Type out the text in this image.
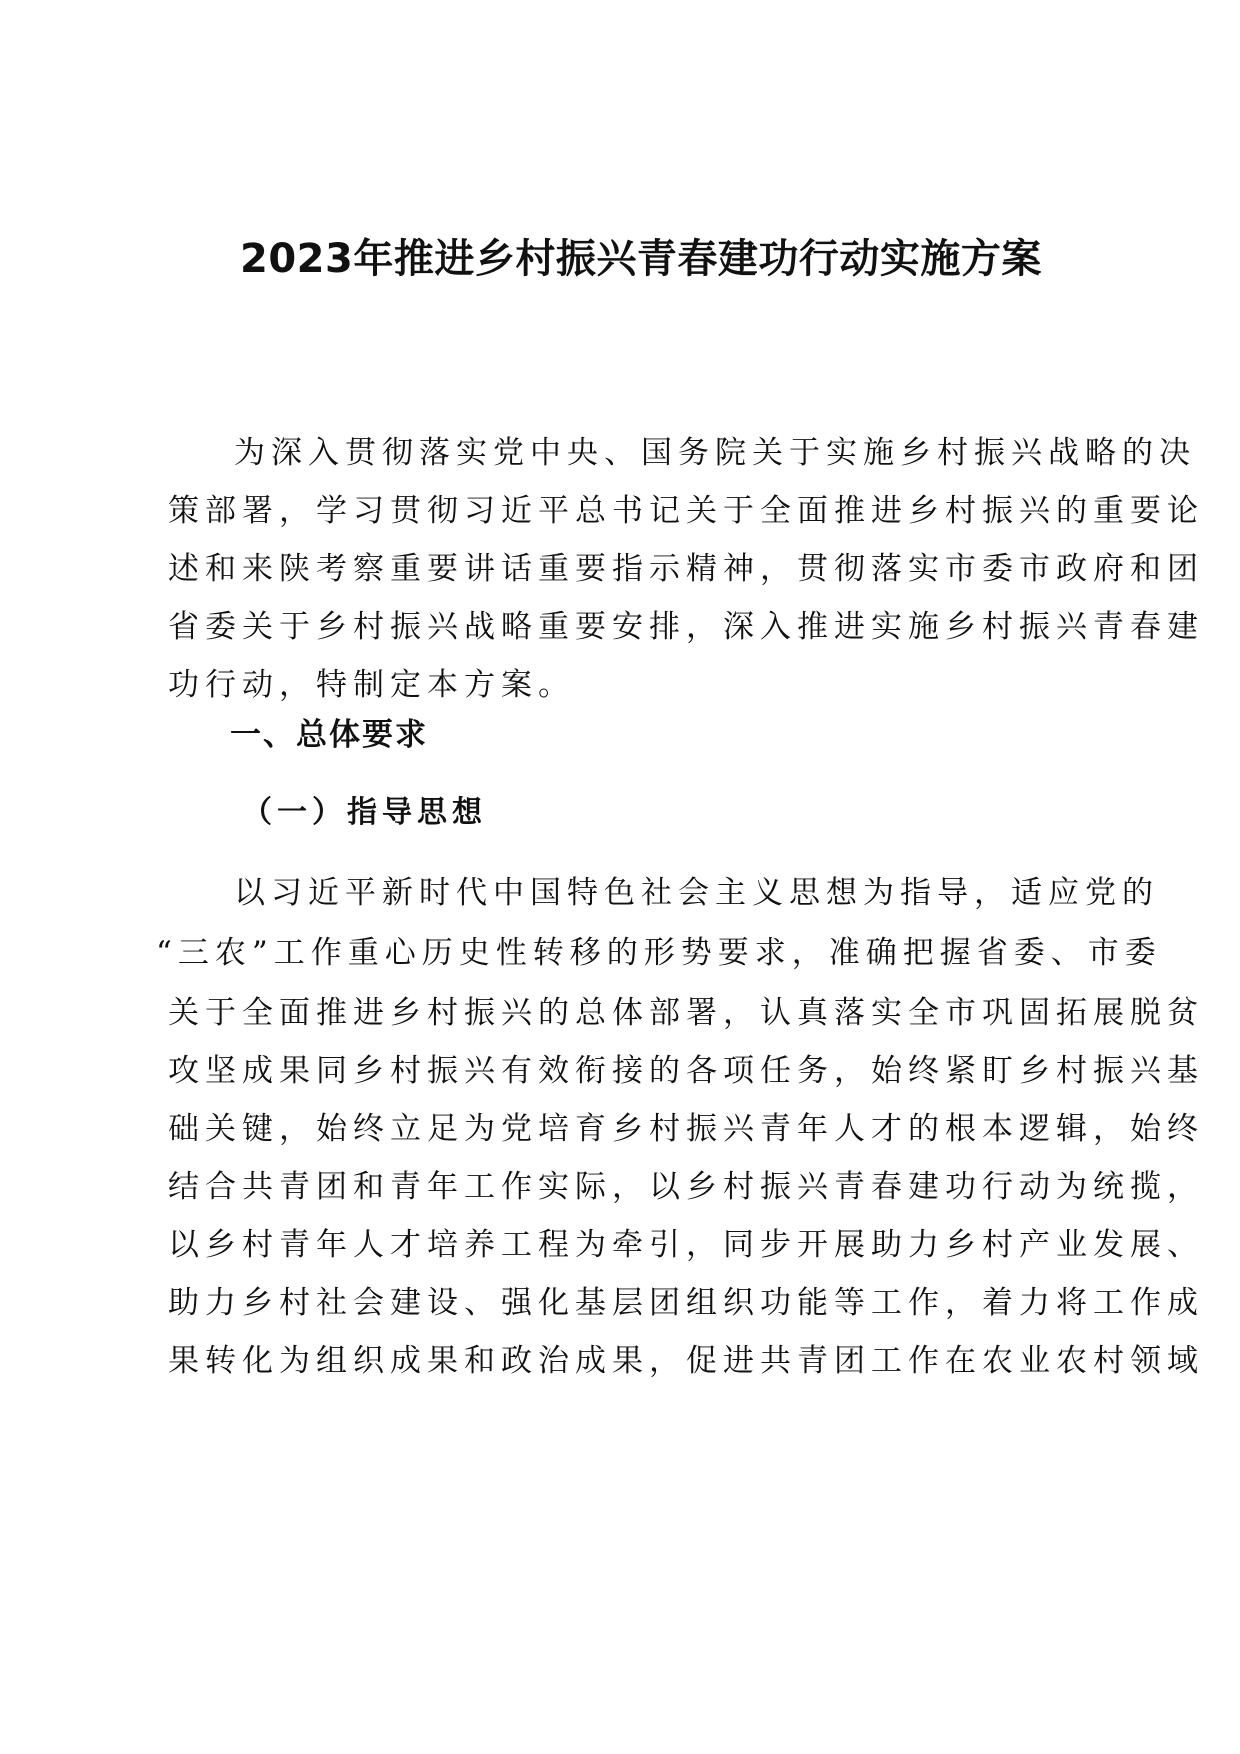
2023年推进乡村振兴青春建功行动实施方案
为深入贯彻落实党中央、国务院关于实施乡村振兴战略的决
策部署，学习贯彻习近平总书记关于全面推进乡村振兴的重要论
述和来陕考察重要讲话重要指示精神，贯彻落实市委市政府和团
省委关于乡村振兴战略重要安排，深入推进实施乡村振兴青春建
功行动，特制定本方案。
一、总体要求
（一）指导思想
以习近平新时代中国特色社会主义思想为指导，适应党的
“三农”工作重心历史性转移的形势要求，准确把握省委、市委
关于全面推进乡村振兴的总体部署，认真落实全市巩固拓展脱贫
攻坚成果同乡村振兴有效衔接的各项任务，始终紧盯乡村振兴基
础关键，始终立足为党培育乡村振兴青年人才的根本逻辑，始终
结合共青团和青年工作实际，以乡村振兴青春建功行动为统揽，
以乡村青年人才培养工程为牵引，同步开展助力乡村产业发展、
助力乡村社会建设、强化基层团组织功能等工作，着力将工作成
果转化为组织成果和政治成果，促进共青团工作在农业农村领域
